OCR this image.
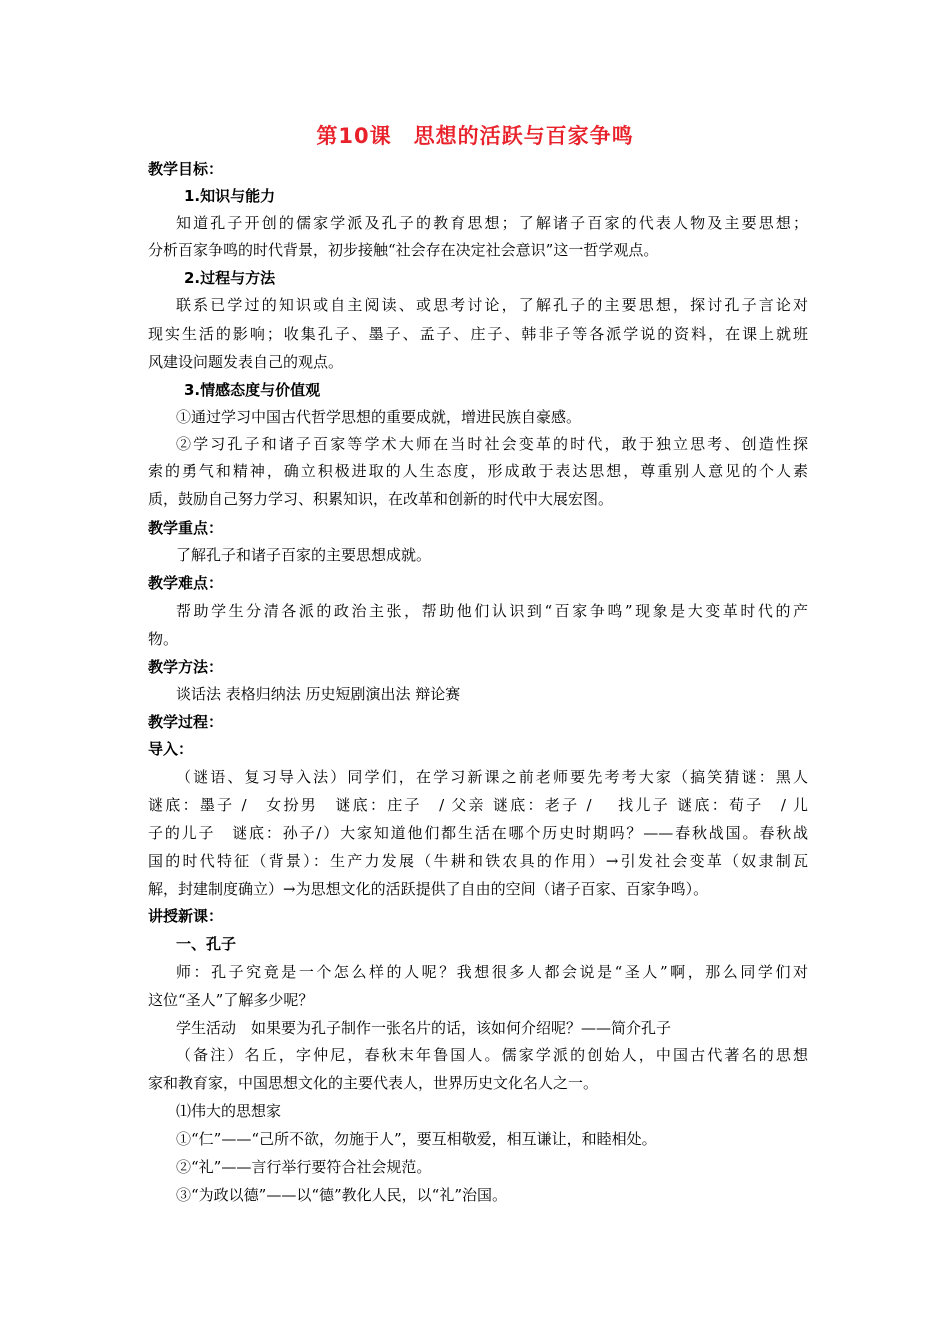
第10课　思想的活跃与百家争鸣
教学目标：
1.知识与能力
知道孔子开创的儒家学派及孔子的教育思想；了解诸子百家的代表人物及主要思想；
分析百家争鸣的时代背景，初步接触“社会存在决定社会意识”这一哲学观点。
2.过程与方法
联系已学过的知识或自主阅读、或思考讨论，了解孔子的主要思想，探讨孔子言论对
现实生活的影响；收集孔子、墨子、孟子、庄子、韩非子等各派学说的资料，在课上就班
风建设问题发表自己的观点。
3.情感态度与价值观
①通过学习中国古代哲学思想的重要成就，增进民族自豪感。
②学习孔子和诸子百家等学术大师在当时社会变革的时代，敢于独立思考、创造性探
索的勇气和精神，确立积极进取的人生态度，形成敢于表达思想，尊重别人意见的个人素
质，鼓励自己努力学习、积累知识，在改革和创新的时代中大展宏图。
教学重点：
了解孔子和诸子百家的主要思想成就。
教学难点：
帮助学生分清各派的政治主张，帮助他们认识到“百家争鸣”现象是大变革时代的产
物。
教学方法：
谈话法 表格归纳法 历史短剧演出法 辩论赛
教学过程：
导入：
（谜语、复习导入法）同学们，在学习新课之前老师要先考考大家（搞笑猜谜：黑人
谜底：墨子 /　女扮男　谜底：庄子　/ 父亲 谜底：老子 /　 找儿子 谜底：荀子　/ 儿
子的儿子　谜底：孙子/）大家知道他们都生活在哪个历史时期吗？——春秋战国。春秋战
国的时代特征（背景）：生产力发展（牛耕和铁农具的作用）→引发社会变革（奴隶制瓦
解，封建制度确立）→为思想文化的活跃提供了自由的空间（诸子百家、百家争鸣）。
讲授新课：
一、孔子
师：孔子究竟是一个怎么样的人呢？我想很多人都会说是“圣人”啊，那么同学们对
这位“圣人”了解多少呢？
学生活动　如果要为孔子制作一张名片的话，该如何介绍呢？——简介孔子
（备注）名丘，字仲尼，春秋末年鲁国人。儒家学派的创始人，中国古代著名的思想
家和教育家，中国思想文化的主要代表人，世界历史文化名人之一。
⑴伟大的思想家
①“仁”——“己所不欲，勿施于人”，要互相敬爱，相互谦让，和睦相处。
②“礼”——言行举行要符合社会规范。
③“为政以德”——以“德”教化人民，以“礼”治国。
